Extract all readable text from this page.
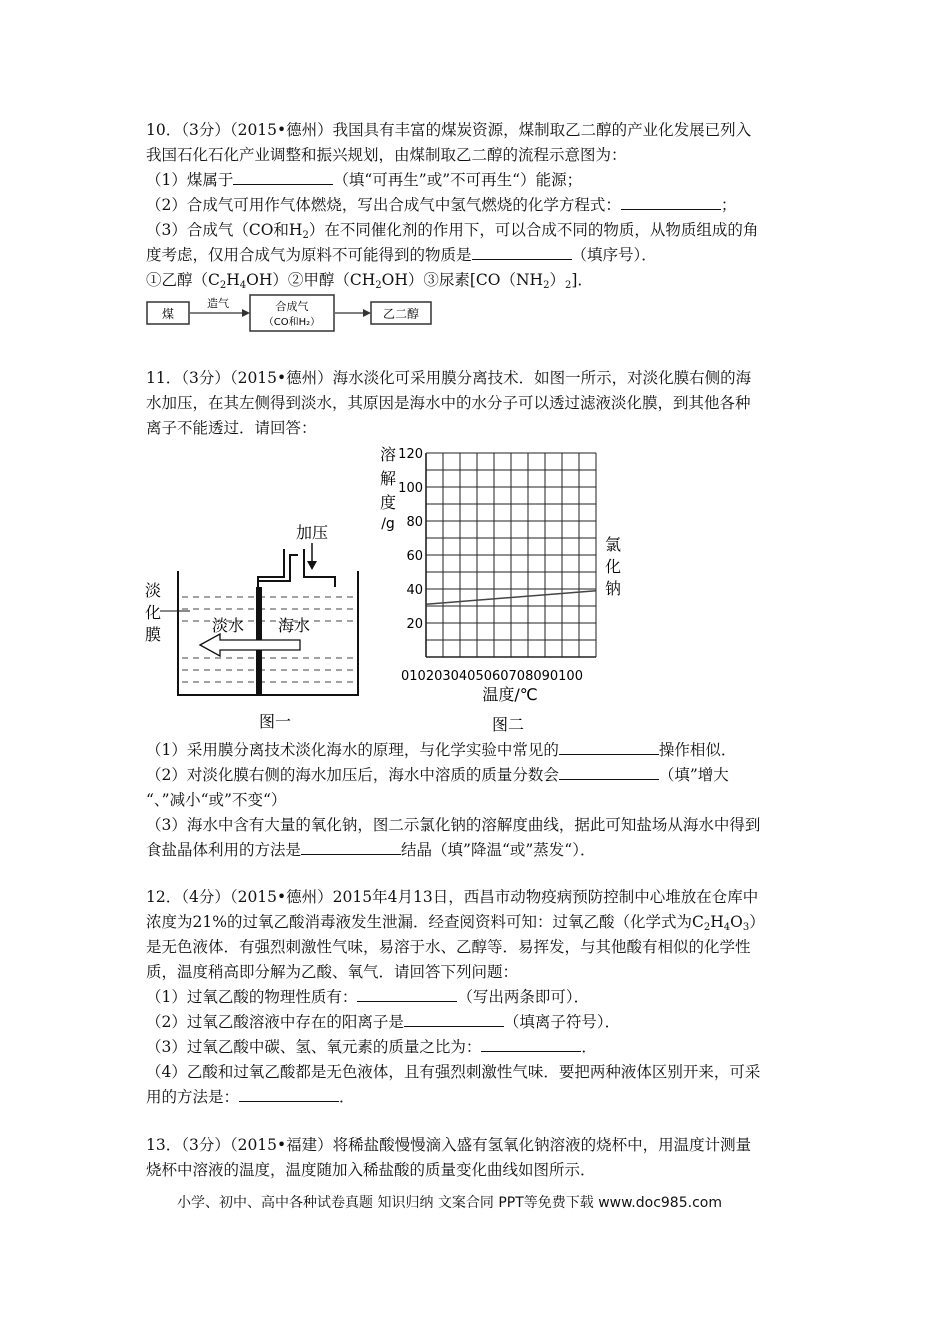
10．（3分）（2015•德州）我国具有丰富的煤炭资源，煤制取乙二醇的产业化发展已列入
我国石化石化产业调整和振兴规划，由煤制取乙二醇的流程示意图为：
（1）煤属于	（填“可再生”或”不可再生“）能源；
（2）合成气可用作气体燃烧，写出合成气中氢气燃烧的化学方程式：	；
（3）合成气（CO和H2）在不同催化剂的作用下，可以合成不同的物质，从物质组成的角
度考虑，仅用合成气为原料不可能得到的物质是	（填序号）．
①乙醇（C2H4OH）②甲醇（CH2OH）③尿素[CO（NH2）2]．
煤
造气	合成气
（CO和H₂）
乙二醇
11．（3分）（2015•德州）海水淡化可采用膜分离技术．如图一所示，对淡化膜右侧的海
水加压，在其左侧得到淡水，其原因是海水中的水分子可以透过滤液淡化膜，到其他各种
离子不能透过．请回答：
加压
淡
化
膜	淡水 海水
图一
溶
解
度
/g
120
100
80
60
40
20
0102030405060708090100
温度/℃
氯
化
钠
图二
（1）采用膜分离技术淡化海水的原理，与化学实验中常见的	操作相似．
（2）对淡化膜右侧的海水加压后，海水中溶质的质量分数会	（填”增大
“、”减小“或”不变“）
（3）海水中含有大量的氧化钠，图二示氯化钠的溶解度曲线，据此可知盐场从海水中得到
食盐晶体利用的方法是	结晶（填”降温“或”蒸发“）．
12．（4分）（2015•德州）2015年4月13日，西昌市动物疫病预防控制中心堆放在仓库中
浓度为21%的过氧乙酸消毒液发生泄漏．经查阅资料可知：过氧乙酸（化学式为C2H4O3）
是无色液体．有强烈刺激性气味，易溶于水、乙醇等．易挥发，与其他酸有相似的化学性
质，温度稍高即分解为乙酸、氧气．请回答下列问题：
（1）过氧乙酸的物理性质有：	（写出两条即可）．
（2）过氧乙酸溶液中存在的阳离子是	（填离子符号）．
（3）过氧乙酸中碳、氢、氧元素的质量之比为：	．
（4）乙酸和过氧乙酸都是无色液体，且有强烈刺激性气味．要把两种液体区别开来，可采
用的方法是：	．
13．（3分）（2015•福建）将稀盐酸慢慢滴入盛有氢氧化钠溶液的烧杯中，用温度计测量
烧杯中溶液的温度，温度随加入稀盐酸的质量变化曲线如图所示．
小学、初中、高中各种试卷真题 知识归纳 文案合同 PPT等免费下载 www.doc985.com
